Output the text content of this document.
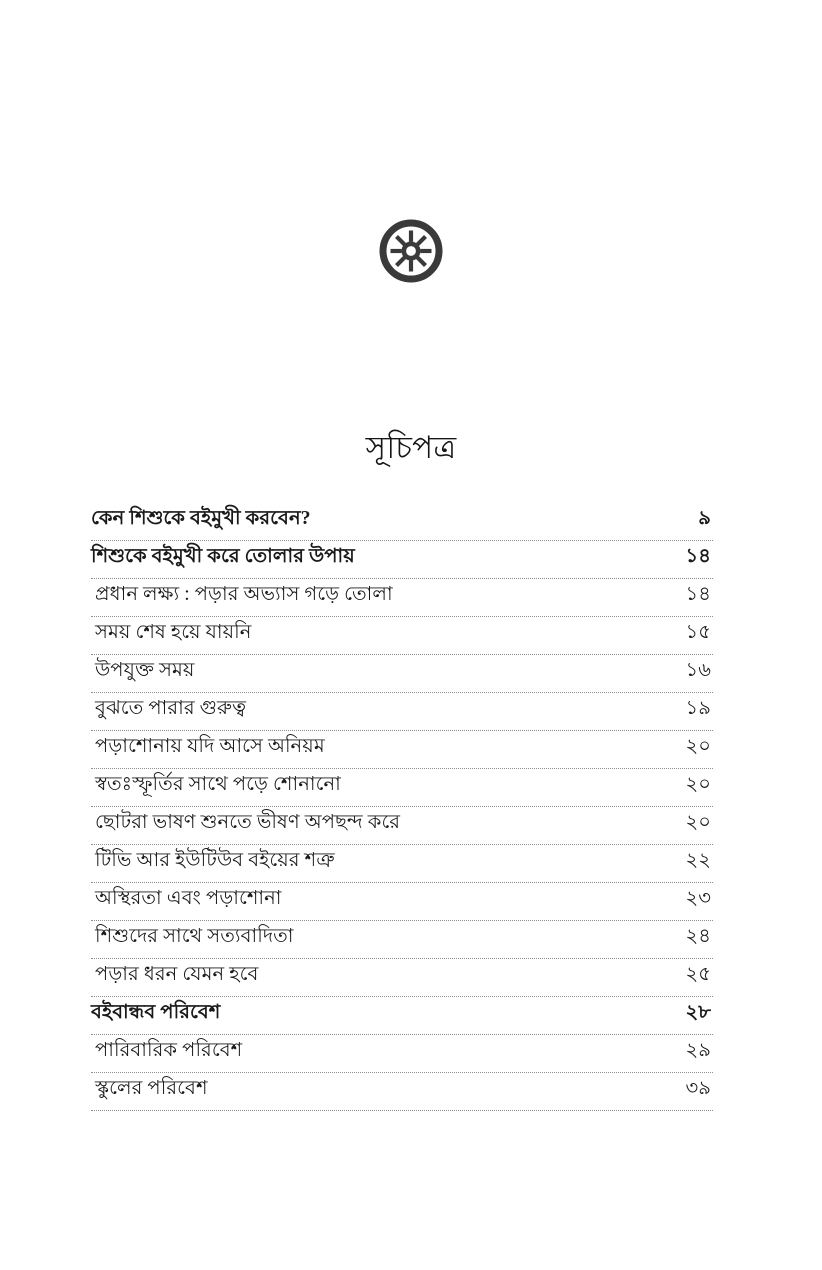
সূচিপত্র
কেন শিশুকে বইমুখী করবেন?	৯
শিশুকে বইমুখী করে তোলার উপায়	১৪
প্রধান লক্ষ্য : পড়ার অভ্যাস গড়ে তোলা	১৪
সময় শেষ হয়ে যায়নি	১৫
উপযুক্ত সময়	১৬
বুঝতে পারার গুরুত্ব	১৯
পড়াশোনায় যদি আসে অনিয়ম	২০
স্বতঃস্ফূর্তির সাথে পড়ে শোনানো	২০
ছোটরা ভাষণ শুনতে ভীষণ অপছন্দ করে	২০
টিভি আর ইউটিউব বইয়ের শত্রু	২২
অস্থিরতা এবং পড়াশোনা	২৩
শিশুদের সাথে সত্যবাদিতা	২৪
পড়ার ধরন যেমন হবে	২৫
বইবান্ধব পরিবেশ	২৮
পারিবারিক পরিবেশ	২৯
স্কুলের পরিবেশ	৩৯
